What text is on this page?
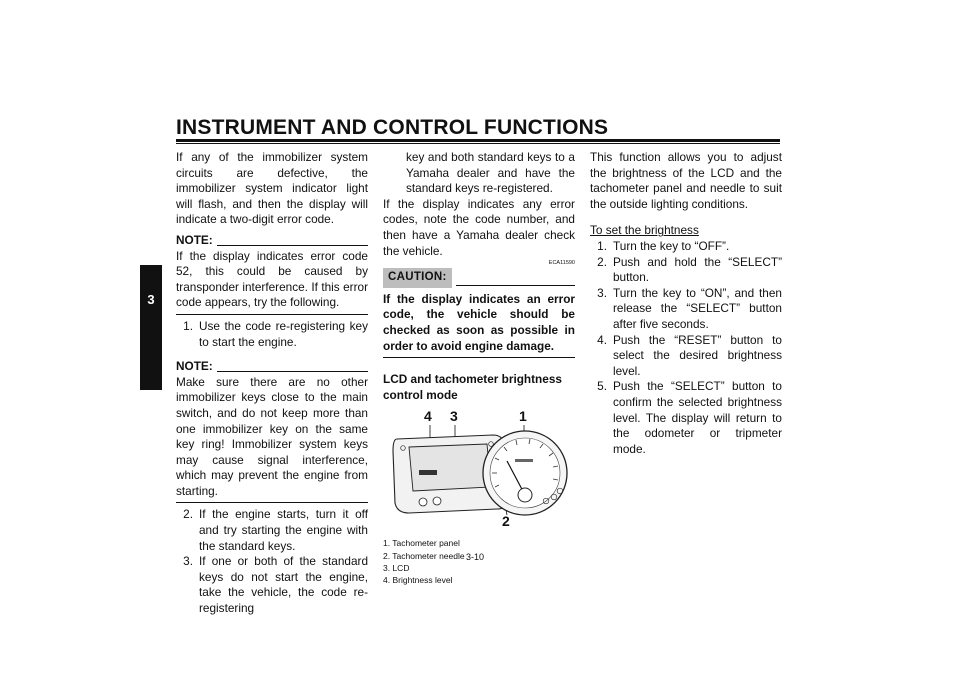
INSTRUMENT AND CONTROL FUNCTIONS
3

If any of the immobilizer system circuits are defective, the immobilizer system indicator light will flash, and then the display will indicate a two-digit error code.

NOTE:

If the display indicates error code 52, this could be caused by transponder interference. If this error code appears, try the following.

1. Use the code re-registering key to start the engine.
NOTE:

Make sure there are no other immobilizer keys close to the main switch, and do not keep more than one immobilizer key on the same key ring! Immobilizer system keys may cause signal interference, which may prevent the engine from starting.

2. If the engine starts, turn it off and try starting the engine with the standard keys.
3. If one or both of the standard keys do not start the engine, take the vehicle, the code re-registering

key and both standard keys to a Yamaha dealer and have the standard keys re-registered.

If the display indicates any error codes, note the code number, and then have a Yamaha dealer check the vehicle.

ECA11590
CAUTION:

If the display indicates an error code, the vehicle should be checked as soon as possible in order to avoid engine damage.

LCD and tachometer brightness control mode
4 3	1
2
1. Tachometer panel
2. Tachometer needle
3. LCD
4. Brightness level

This function allows you to adjust the brightness of the LCD and the tachometer panel and needle to suit the outside lighting conditions.

To set the brightness
1. Turn the key to “OFF”.
2. Push and hold the “SELECT” button.
3. Turn the key to “ON”, and then release the “SELECT” button after five seconds.
4. Push the “RESET” button to select the desired brightness level.
5. Push the “SELECT” button to confirm the selected brightness level. The display will return to the odometer or tripmeter mode.
3-10
